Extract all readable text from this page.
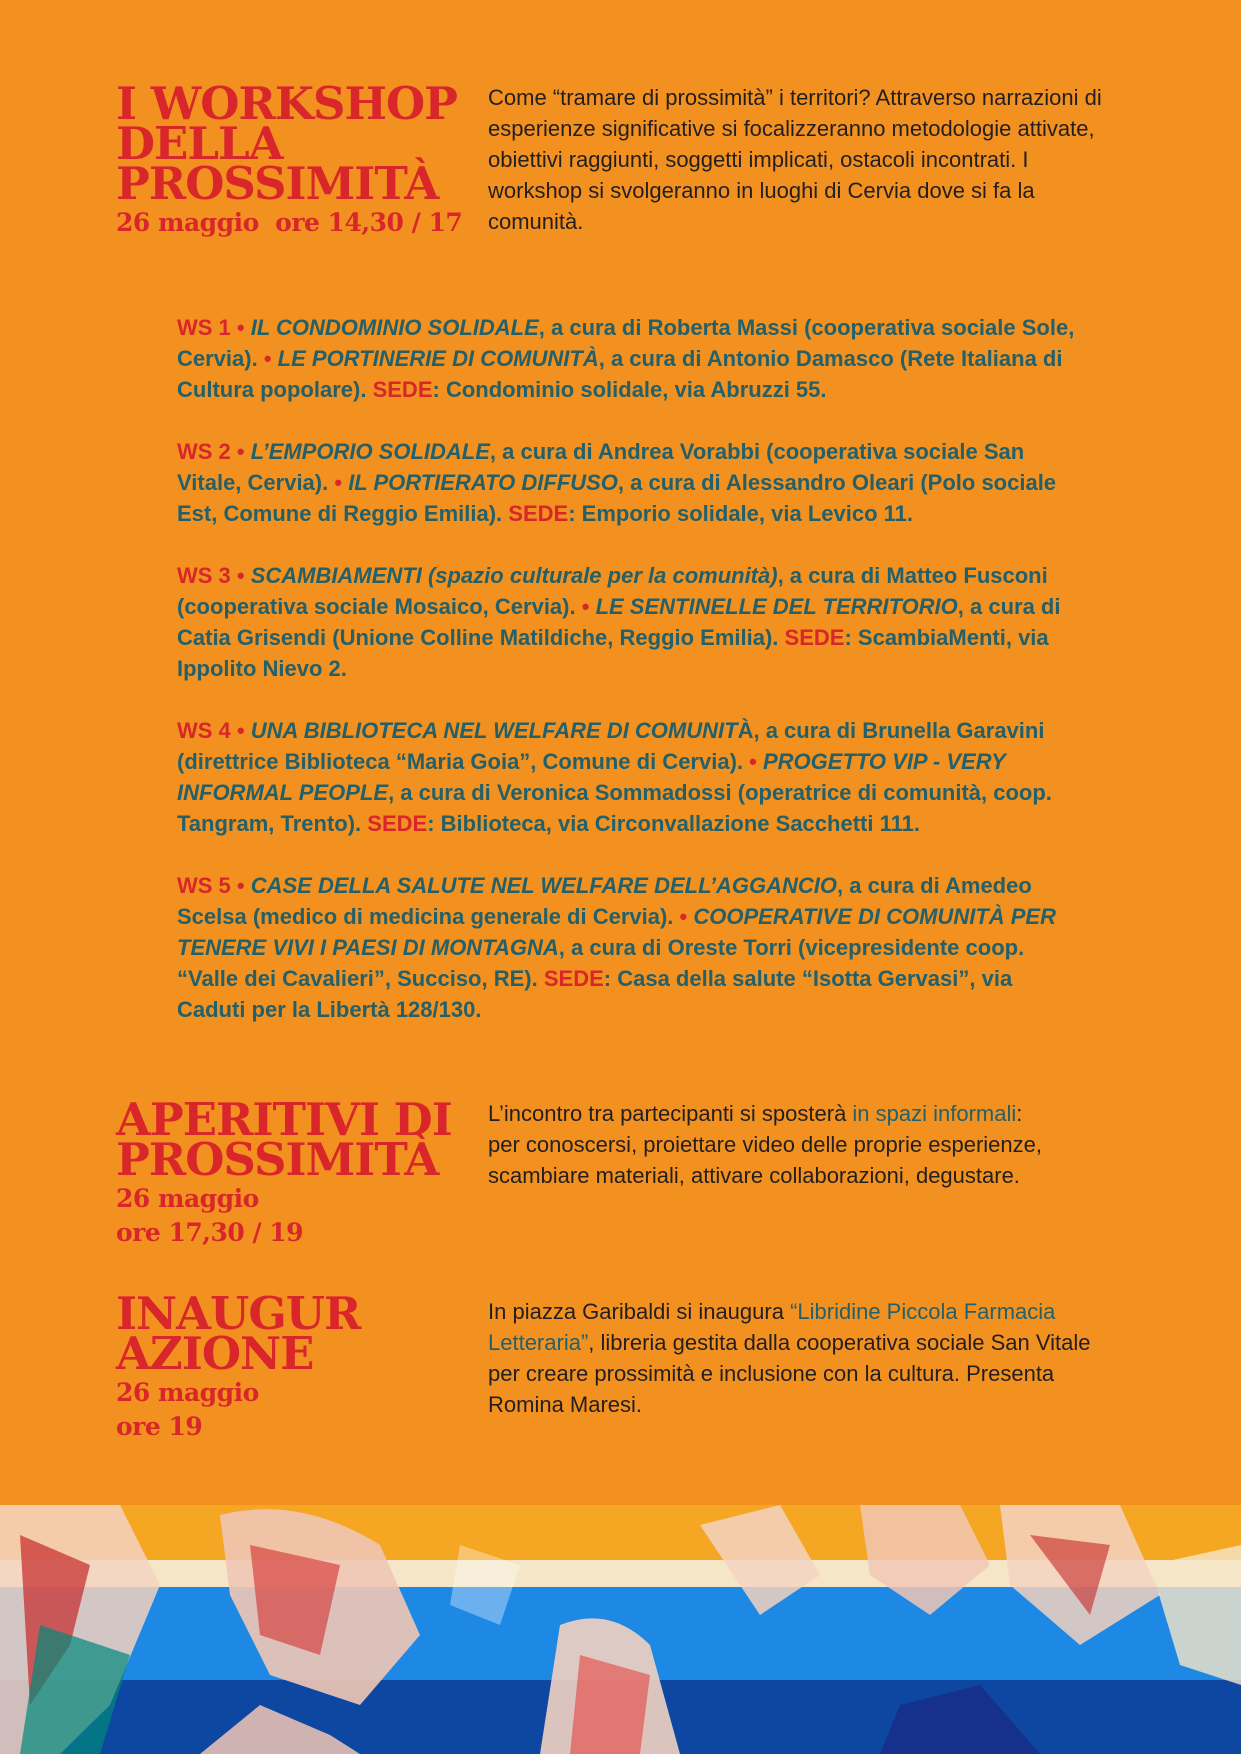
I WORKSHOP
DELLA
PROSSIMITÀ
26 maggio  ore 14,30 / 17

Come “tramare di prossimità” i territori? Attraverso narrazioni di esperienze significative si focalizzeranno metodologie attivate, obiettivi raggiunti, soggetti implicati, ostacoli incontrati. I workshop si svolgeranno in luoghi di Cervia dove si fa la comunità.

WS 1 • IL CONDOMINIO SOLIDALE, a cura di Roberta Massi (cooperativa sociale Sole, Cervia). • LE PORTINERIE DI COMUNITÀ, a cura di Antonio Damasco (Rete Italiana di Cultura popolare). SEDE: Condominio solidale, via Abruzzi 55.

WS 2 • L’EMPORIO SOLIDALE, a cura di Andrea Vorabbi (cooperativa sociale San Vitale, Cervia). • IL PORTIERATO DIFFUSO, a cura di Alessandro Oleari (Polo sociale Est, Comune di Reggio Emilia). SEDE: Emporio solidale, via Levico 11.

WS 3 • SCAMBIAMENTI (spazio culturale per la comunità), a cura di Matteo Fusconi (cooperativa sociale Mosaico, Cervia). • LE SENTINELLE DEL TERRITORIO, a cura di Catia Grisendi (Unione Colline Matildiche, Reggio Emilia). SEDE: ScambiaMenti, via Ippolito Nievo 2.

WS 4 • UNA BIBLIOTECA NEL WELFARE DI COMUNITÀ, a cura di Brunella Garavini (direttrice Biblioteca “Maria Goia”, Comune di Cervia). • PROGETTO VIP - VERY INFORMAL PEOPLE, a cura di Veronica Sommadossi (operatrice di comunità, coop. Tangram, Trento). SEDE: Biblioteca, via Circonvallazione Sacchetti 111.

WS 5 • CASE DELLA SALUTE NEL WELFARE DELL’AGGANCIO, a cura di Amedeo Scelsa (medico di medicina generale di Cervia). • COOPERATIVE DI COMUNITÀ PER TENERE VIVI I PAESI DI MONTAGNA, a cura di Oreste Torri (vicepresidente coop. “Valle dei Cavalieri”, Succiso, RE). SEDE: Casa della salute “Isotta Gervasi”, via Caduti per la Libertà 128/130.

APERITIVI DI
PROSSIMITÀ
26 maggio
ore 17,30 / 19

L’incontro tra partecipanti si sposterà in spazi informali: per conoscersi, proiettare video delle proprie esperienze, scambiare materiali, attivare collaborazioni, degustare.

INAUGUR
AZIONE
26 maggio
ore 19

In piazza Garibaldi si inaugura “Libridine Piccola Farmacia Letteraria”, libreria gestita dalla cooperativa sociale San Vitale per creare prossimità e inclusione con la cultura. Presenta Romina Maresi.
